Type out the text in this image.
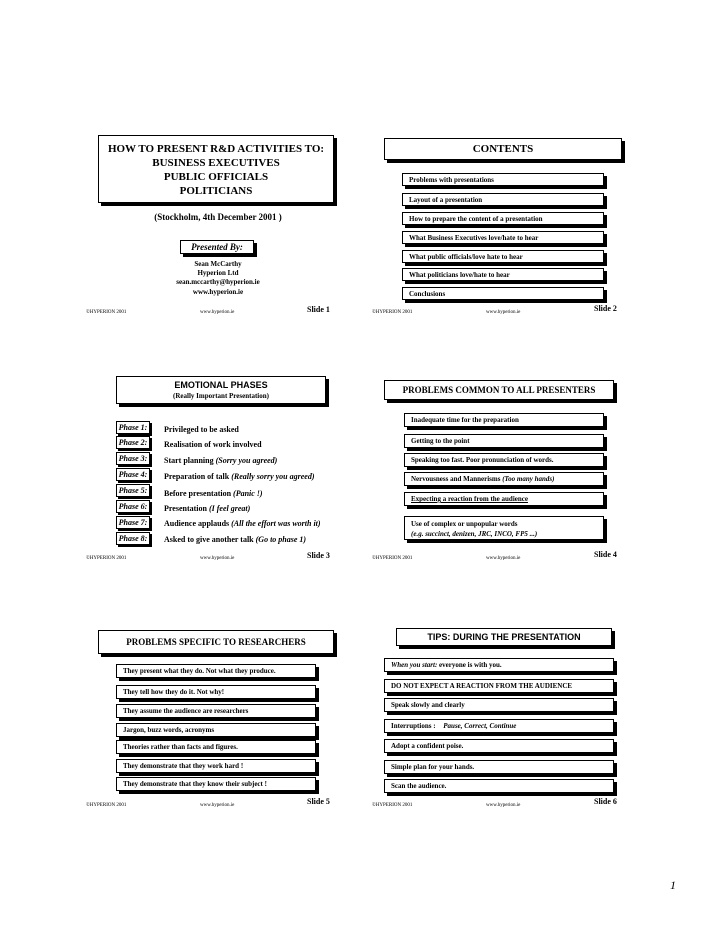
HOW TO PRESENT R&D ACTIVITIES TO:
BUSINESS EXECUTIVES
PUBLIC OFFICIALS
POLITICIANS
(Stockholm, 4th December 2001 )
Presented By:
Sean McCarthy
Hyperion Ltd
sean.mccarthy@hyperion.ie
www.hyperion.ie
©HYPERION 2001	www.hyperion.ie	Slide 1
CONTENTS
Problems with presentations
Layout of a presentation
How to prepare the content of a presentation
What Business Executives love/hate to hear
What public officials/love hate to hear
What politicians love/hate to hear
Conclusions
©HYPERION 2001	www.hyperion.ie	Slide 2
EMOTIONAL PHASES
(Really Important Presentation)
Phase 1:	Privileged to be asked
Phase 2:	Realisation of work involved
Phase 3:	Start planning (Sorry you agreed)
Phase 4:	Preparation of talk (Really sorry you agreed)
Phase 5:	Before presentation (Panic !)
Phase 6:	Presentation (I feel great)
Phase 7:	Audience applauds (All the effort was worth it)
Phase 8:	Asked to give another talk (Go to phase 1)
©HYPERION 2001	www.hyperion.ie	Slide 3
PROBLEMS COMMON TO ALL PRESENTERS
Inadequate time for the preparation
Getting to the point
Speaking too fast. Poor pronunciation of words.
Nervousness and Mannerisms (Too many hands)
Expecting a reaction from the audience
Use of complex or unpopular words
(e.g. succinct, denizen, JRC, INCO, FP5 ...)
©HYPERION 2001	www.hyperion.ie	Slide 4
PROBLEMS SPECIFIC TO RESEARCHERS
They present what they do. Not what they produce.
They tell how they do it. Not why!
They assume the audience are researchers
Jargon, buzz words, acronyms
Theories rather than facts and figures.
They demonstrate that they work hard !
They demonstrate that they know their subject !
©HYPERION 2001	www.hyperion.ie	Slide 5
TIPS: DURING THE PRESENTATION
When you start: everyone is with you.
DO NOT EXPECT A REACTION FROM THE AUDIENCE
Speak slowly and clearly
Interruptions : Pause, Correct, Continue
Adopt a confident poise.
Simple plan for your hands.
Scan the audience.
©HYPERION 2001	www.hyperion.ie	Slide 6
1
